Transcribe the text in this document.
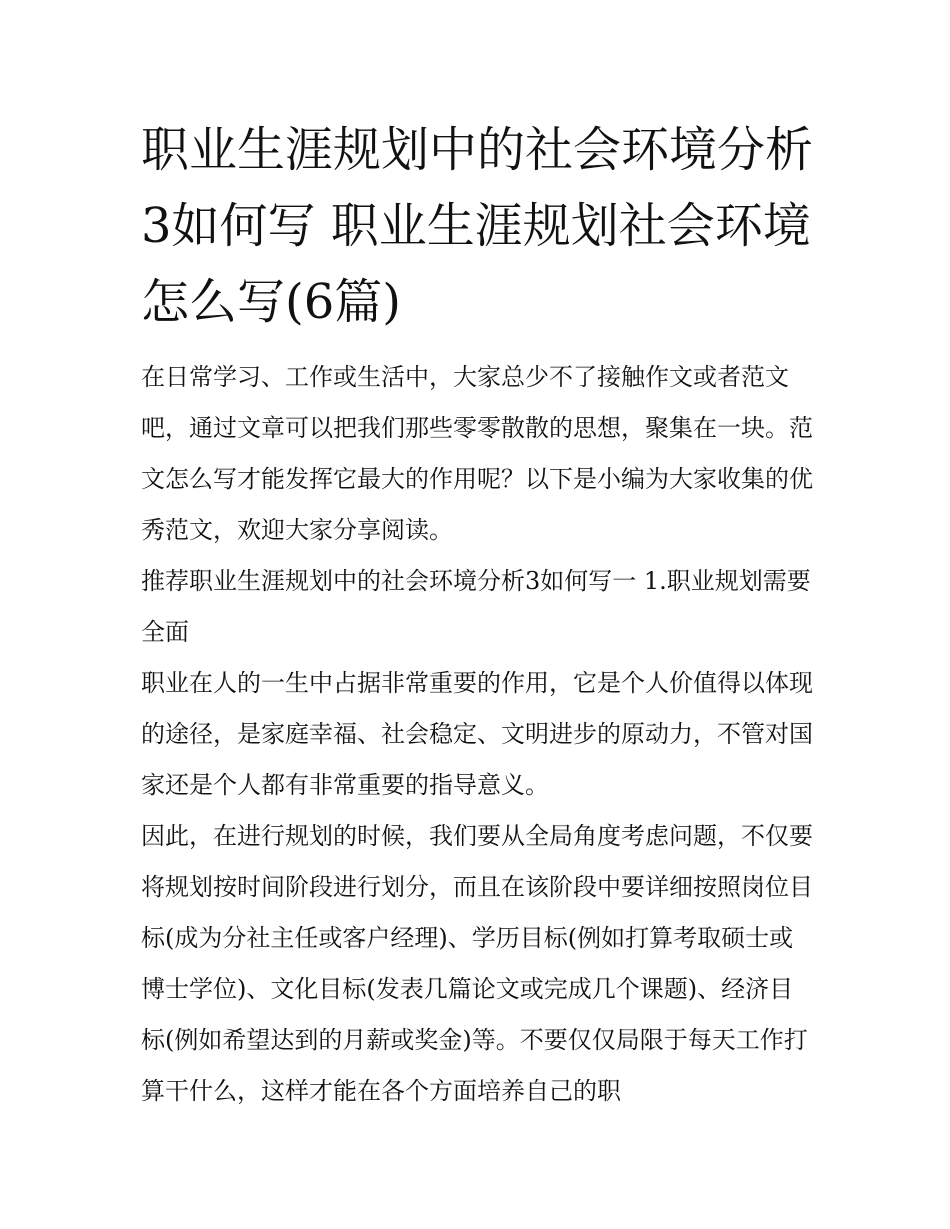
职业生涯规划中的社会环境分析3如何写 职业生涯规划社会环境怎么写(6篇)

在日常学习、工作或生活中，大家总少不了接触作文或者范文吧，通过文章可以把我们那些零零散散的思想，聚集在一块。范文怎么写才能发挥它最大的作用呢？以下是小编为大家收集的优秀范文，欢迎大家分享阅读。

推荐职业生涯规划中的社会环境分析3如何写一 1.职业规划需要全面

职业在人的一生中占据非常重要的作用，它是个人价值得以体现的途径，是家庭幸福、社会稳定、文明进步的原动力，不管对国家还是个人都有非常重要的指导意义。

因此，在进行规划的时候，我们要从全局角度考虑问题，不仅要将规划按时间阶段进行划分，而且在该阶段中要详细按照岗位目标(成为分社主任或客户经理)、学历目标(例如打算考取硕士或博士学位)、文化目标(发表几篇论文或完成几个课题)、经济目标(例如希望达到的月薪或奖金)等。不要仅仅局限于每天工作打算干什么，这样才能在各个方面培养自己的职
